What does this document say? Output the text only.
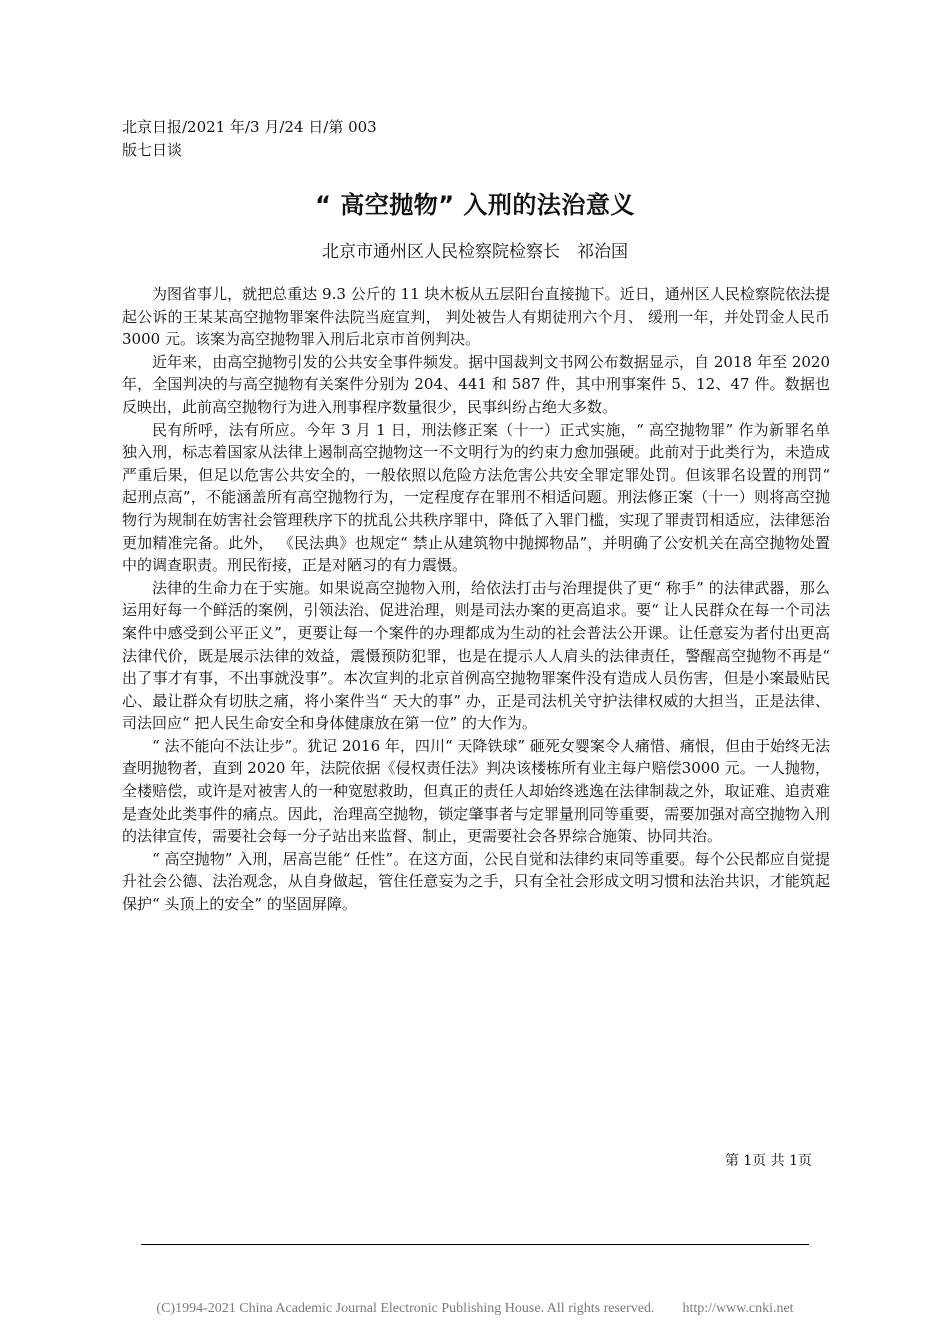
北京日报/2021 年/3 月/24 日/第 003
版七日谈
“ 高空抛物” 入刑的法治意义
北京市通州区人民检察院检察长　祁治国

为图省事儿，就把总重达 9.3 公斤的 11 块木板从五层阳台直接抛下。近日，通州区人民检察院依法提起公诉的王某某高空抛物罪案件法院当庭宣判， 判处被告人有期徒刑六个月、 缓刑一年，并处罚金人民币 3000 元。该案为高空抛物罪入刑后北京市首例判决。

近年来，由高空抛物引发的公共安全事件频发。据中国裁判文书网公布数据显示，自 2018 年至 2020 年，全国判决的与高空抛物有关案件分别为 204、441 和 587 件，其中刑事案件 5、12、47 件。数据也反映出，此前高空抛物行为进入刑事程序数量很少，民事纠纷占绝大多数。

民有所呼，法有所应。今年 3 月 1 日，刑法修正案（十一）正式实施，“ 高空抛物罪” 作为新罪名单独入刑，标志着国家从法律上遏制高空抛物这一不文明行为的约束力愈加强硬。此前对于此类行为，未造成严重后果，但足以危害公共安全的，一般依照以危险方法危害公共安全罪定罪处罚。但该罪名设置的刑罚“ 起刑点高”，不能涵盖所有高空抛物行为，一定程度存在罪刑不相适问题。刑法修正案（十一）则将高空抛物行为规制在妨害社会管理秩序下的扰乱公共秩序罪中，降低了入罪门槛，实现了罪责罚相适应，法律惩治更加精准完备。此外， 《民法典》也规定“ 禁止从建筑物中抛掷物品”，并明确了公安机关在高空抛物处置中的调查职责。刑民衔接，正是对陋习的有力震慑。

法律的生命力在于实施。如果说高空抛物入刑，给依法打击与治理提供了更“ 称手” 的法律武器，那么运用好每一个鲜活的案例，引领法治、促进治理，则是司法办案的更高追求。要“ 让人民群众在每一个司法案件中感受到公平正义”，更要让每一个案件的办理都成为生动的社会普法公开课。让任意妄为者付出更高法律代价，既是展示法律的效益，震慑预防犯罪，也是在提示人人肩头的法律责任，警醒高空抛物不再是“ 出了事才有事，不出事就没事”。本次宣判的北京首例高空抛物罪案件没有造成人员伤害，但是小案最贴民心、最让群众有切肤之痛，将小案件当“ 天大的事” 办，正是司法机关守护法律权威的大担当，正是法律、司法回应“ 把人民生命安全和身体健康放在第一位” 的大作为。

“ 法不能向不法让步”。犹记 2016 年，四川“ 天降铁球” 砸死女婴案令人痛惜、痛恨，但由于始终无法查明抛物者，直到 2020 年，法院依据《侵权责任法》判决该楼栋所有业主每户赔偿3000 元。一人抛物，全楼赔偿，或许是对被害人的一种宽慰救助，但真正的责任人却始终逃逸在法律制裁之外，取证难、追责难是查处此类事件的痛点。因此，治理高空抛物，锁定肇事者与定罪量刑同等重要，需要加强对高空抛物入刑的法律宣传，需要社会每一分子站出来监督、制止，更需要社会各界综合施策、协同共治。

“ 高空抛物” 入刑，居高岂能“ 任性”。在这方面，公民自觉和法律约束同等重要。每个公民都应自觉提升社会公德、法治观念，从自身做起，管住任意妄为之手，只有全社会形成文明习惯和法治共识，才能筑起保护“ 头顶上的安全” 的坚固屏障。

第 1页 共 1页
(C)1994-2021 China Academic Journal Electronic Publishing House. All rights reserved.　　http://www.cnki.net
